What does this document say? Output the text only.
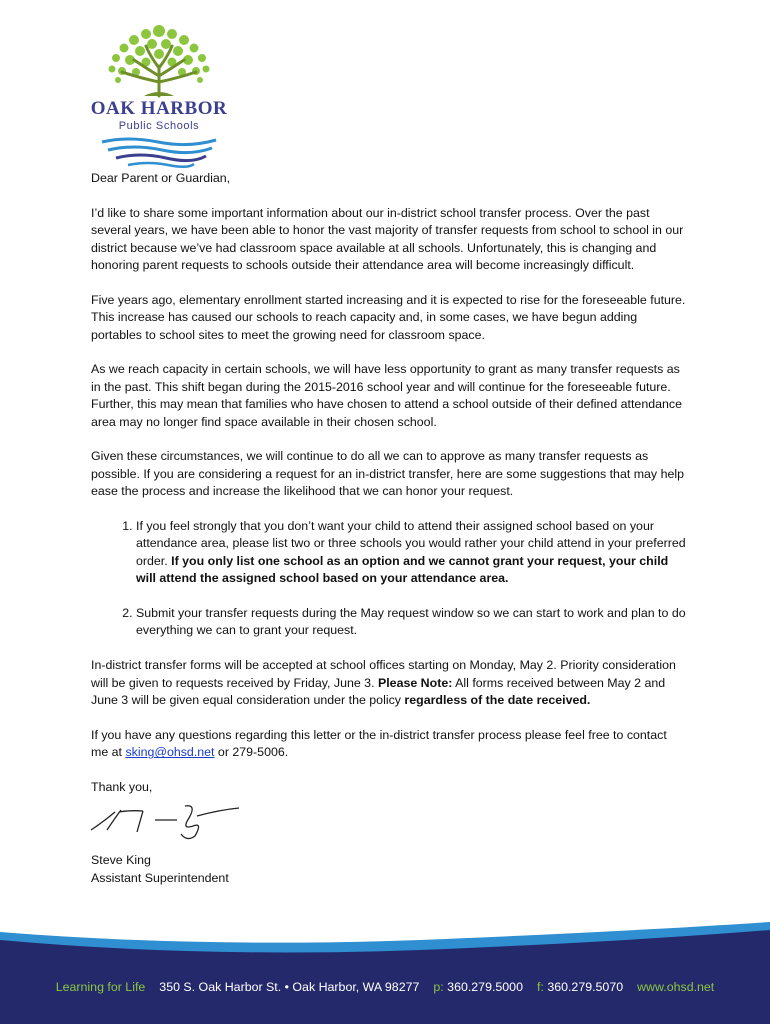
OAK HARBOR
Public Schools

Dear Parent or Guardian,

I’d like to share some important information about our in-district school transfer process. Over the past several years, we have been able to honor the vast majority of transfer requests from school to school in our district because we’ve had classroom space available at all schools. Unfortunately, this is changing and honoring parent requests to schools outside their attendance area will become increasingly difficult.

Five years ago, elementary enrollment started increasing and it is expected to rise for the foreseeable future. This increase has caused our schools to reach capacity and, in some cases, we have begun adding portables to school sites to meet the growing need for classroom space.

As we reach capacity in certain schools, we will have less opportunity to grant as many transfer requests as in the past. This shift began during the 2015-2016 school year and will continue for the foreseeable future. Further, this may mean that families who have chosen to attend a school outside of their defined attendance area may no longer find space available in their chosen school.

Given these circumstances, we will continue to do all we can to approve as many transfer requests as possible. If you are considering a request for an in-district transfer, here are some suggestions that may help ease the process and increase the likelihood that we can honor your request.

1. If you feel strongly that you don’t want your child to attend their assigned school based on your attendance area, please list two or three schools you would rather your child attend in your preferred order. If you only list one school as an option and we cannot grant your request, your child will attend the assigned school based on your attendance area.
2. Submit your transfer requests during the May request window so we can start to work and plan to do everything we can to grant your request.

In-district transfer forms will be accepted at school offices starting on Monday, May 2. Priority consideration will be given to requests received by Friday, June 3. Please Note: All forms received between May 2 and June 3 will be given equal consideration under the policy regardless of the date received.

If you have any questions regarding this letter or the in-district transfer process please feel free to contact me at sking@ohsd.net or 279-5006.

Thank you,

Steve King

Assistant Superintendent

Learning for Life 350 S. Oak Harbor St. • Oak Harbor, WA 98277 p: 360.279.5000 f: 360.279.5070 www.ohsd.net
